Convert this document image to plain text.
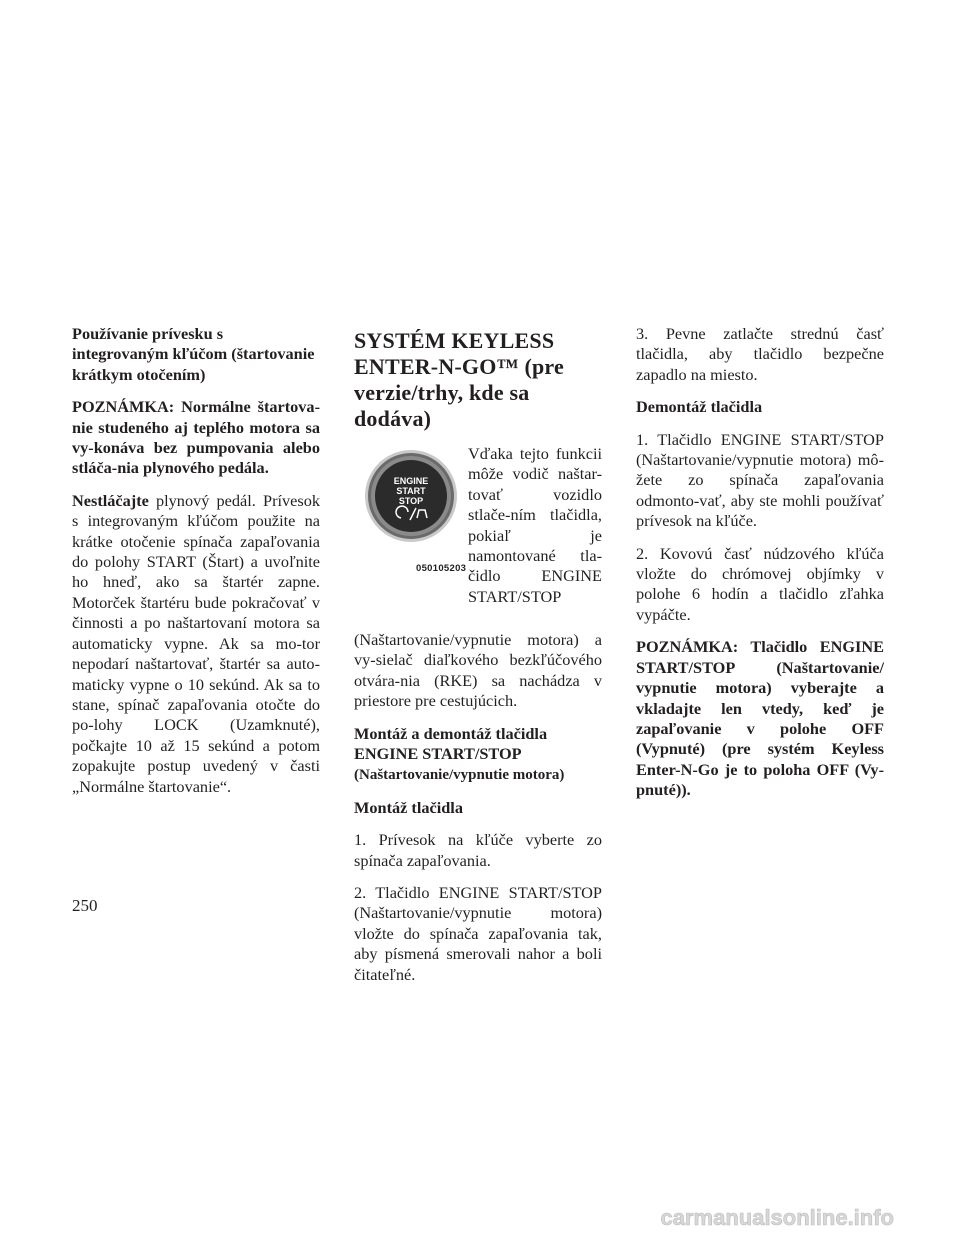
Používanie prívesku s integrovaným kľúčom (štartovanie krátkym otočením)

POZNÁMKA: Normálne štartova-nie studeného aj teplého motora sa vy-konáva bez pumpovania alebo stláča-nia plynového pedála.

Nestláčajte plynový pedál. Prívesok s integrovaným kľúčom použite na krátke otočenie spínača zapaľovania do polohy START (Štart) a uvoľnite ho hneď, ako sa štartér zapne. Motorček štartéru bude pokračovať v činnosti a po naštartovaní motora sa automaticky vypne. Ak sa mo-tor nepodarí naštartovať, štartér sa auto-maticky vypne o 10 sekúnd. Ak sa to stane, spínač zapaľovania otočte do po-lohy LOCK (Uzamknuté), počkajte 10 až 15 sekúnd a potom zopakujte postup uvedený v časti „Normálne štartovanie“.

SYSTÉM KEYLESS ENTER-N-GO™ (pre verzie/trhy, kde sa dodáva)
ENGINE
START
STOP
050105203
Vďaka tejto funkcii môže vodič naštar-tovať vozidlo stlače-ním tlačidla, pokiaľ je namontované tla-čidlo ENGINE START/STOP

(Naštartovanie/vypnutie motora) a vy-sielač diaľkového bezkľúčového otvára-nia (RKE) sa nachádza v priestore pre cestujúcich.

Montáž a demontáž tlačidla ENGINE START/STOP
(Naštartovanie/vypnutie motora)

Montáž tlačidla

1. Prívesok na kľúče vyberte zo spínača zapaľovania.

2. Tlačidlo ENGINE START/STOP (Naštartovanie/vypnutie motora) vložte do spínača zapaľovania tak, aby písmená smerovali nahor a boli čitateľné.

3. Pevne zatlačte strednú časť tlačidla, aby tlačidlo bezpečne zapadlo na miesto.

Demontáž tlačidla

1. Tlačidlo ENGINE START/STOP (Naštartovanie/vypnutie motora) mô-žete zo spínača zapaľovania odmonto-vať, aby ste mohli používať prívesok na kľúče.

2. Kovovú časť núdzového kľúča vložte do chrómovej objímky v polohe 6 hodín a tlačidlo zľahka vypáčte.

POZNÁMKA: Tlačidlo ENGINE START/STOP (Naštartovanie/ vypnutie motora) vyberajte a vkladajte len vtedy, keď je zapaľovanie v polohe OFF (Vypnuté) (pre systém Keyless Enter-N-Go je to poloha OFF (Vy-pnuté)).

250
carmanualsonline.info
